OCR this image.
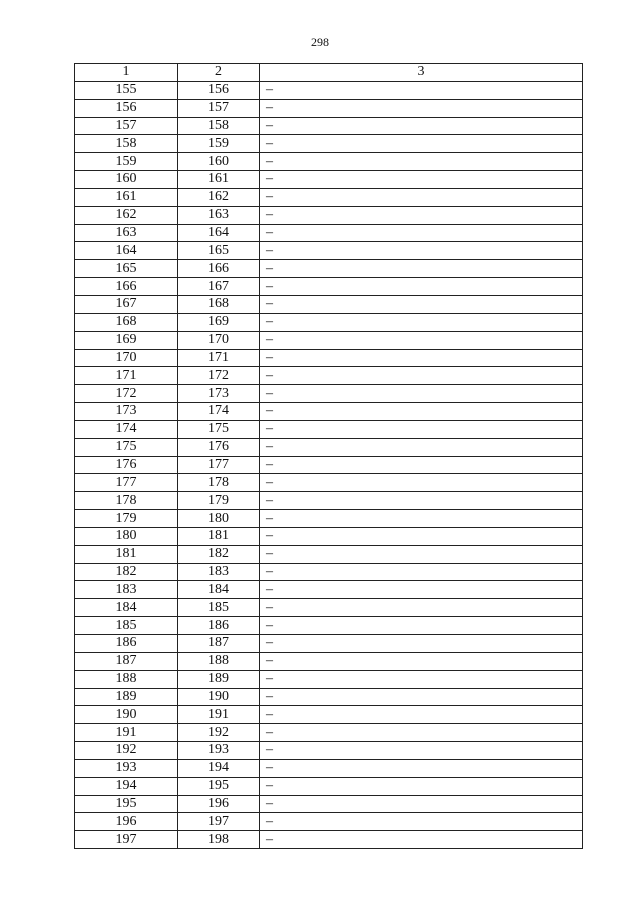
298
1	2	3
155	156	–
156	157	–
157	158	–
158	159	–
159	160	–
160	161	–
161	162	–
162	163	–
163	164	–
164	165	–
165	166	–
166	167	–
167	168	–
168	169	–
169	170	–
170	171	–
171	172	–
172	173	–
173	174	–
174	175	–
175	176	–
176	177	–
177	178	–
178	179	–
179	180	–
180	181	–
181	182	–
182	183	–
183	184	–
184	185	–
185	186	–
186	187	–
187	188	–
188	189	–
189	190	–
190	191	–
191	192	–
192	193	–
193	194	–
194	195	–
195	196	–
196	197	–
197	198	–
